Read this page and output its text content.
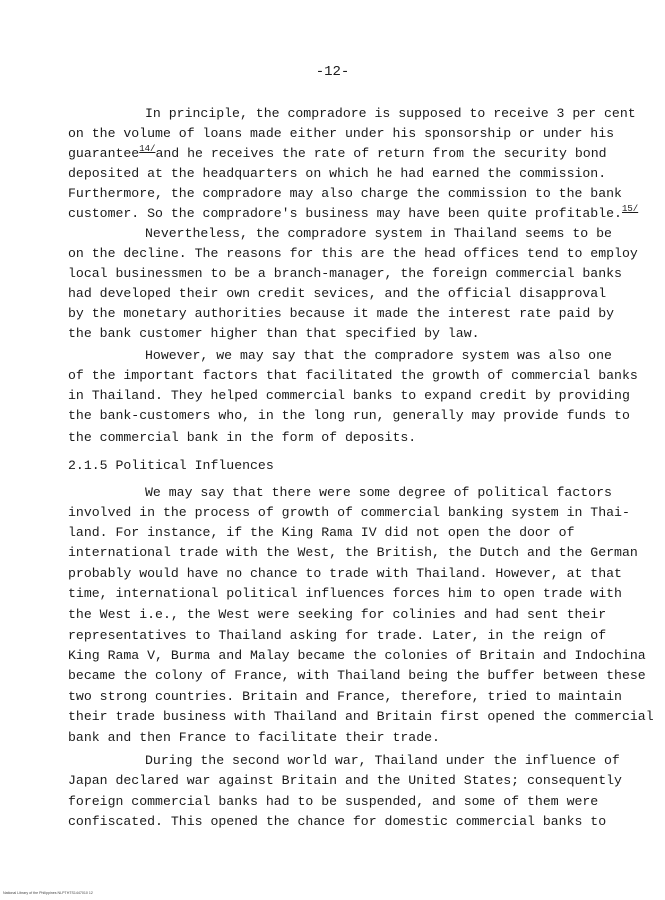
-12-
In principle, the compradore is supposed to receive 3 per cent
on the volume of loans made either under his sponsorship or under his
guarantee$^{14/}$and he receives the rate of return from the security bond
deposited at the headquarters on which he had earned the commission.
Furthermore, the compradore may also charge the commission to the bank
customer. So the compradore's business may have been quite profitable.$^{15/}$
Nevertheless, the compradore system in Thailand seems to be
on the decline. The reasons for this are the head offices tend to employ
local businessmen to be a branch-manager, the foreign commercial banks
had developed their own credit sevices, and the official disapproval
by the monetary authorities because it made the interest rate paid by
the bank customer higher than that specified by law.
However, we may say that the compradore system was also one
of the important factors that facilitated the growth of commercial banks
in Thailand. They helped commercial banks to expand credit by providing
the bank-customers who, in the long run, generally may provide funds to
the commercial bank in the form of deposits.
2.1.5 Political Influences
We may say that there were some degree of political factors
involved in the process of growth of commercial banking system in Thai-
land. For instance, if the King Rama IV did not open the door of
international trade with the West, the British, the Dutch and the German
probably would have no chance to trade with Thailand. However, at that
time, international political influences forces him to open trade with
the West i.e., the West were seeking for colinies and had sent their
representatives to Thailand asking for trade. Later, in the reign of
King Rama V, Burma and Malay became the colonies of Britain and Indochina
became the colony of France, with Thailand being the buffer between these
two strong countries. Britain and France, therefore, tried to maintain
their trade business with Thailand and Britain first opened the commercial
bank and then France to facilitate their trade.
During the second world war, Thailand under the influence of
Japan declared war against Britain and the United States; consequently
foreign commercial banks had to be suspended, and some of them were
confiscated. This opened the chance for domestic commercial banks to
National Library of the Philippines NLPTHTS1447010 12
